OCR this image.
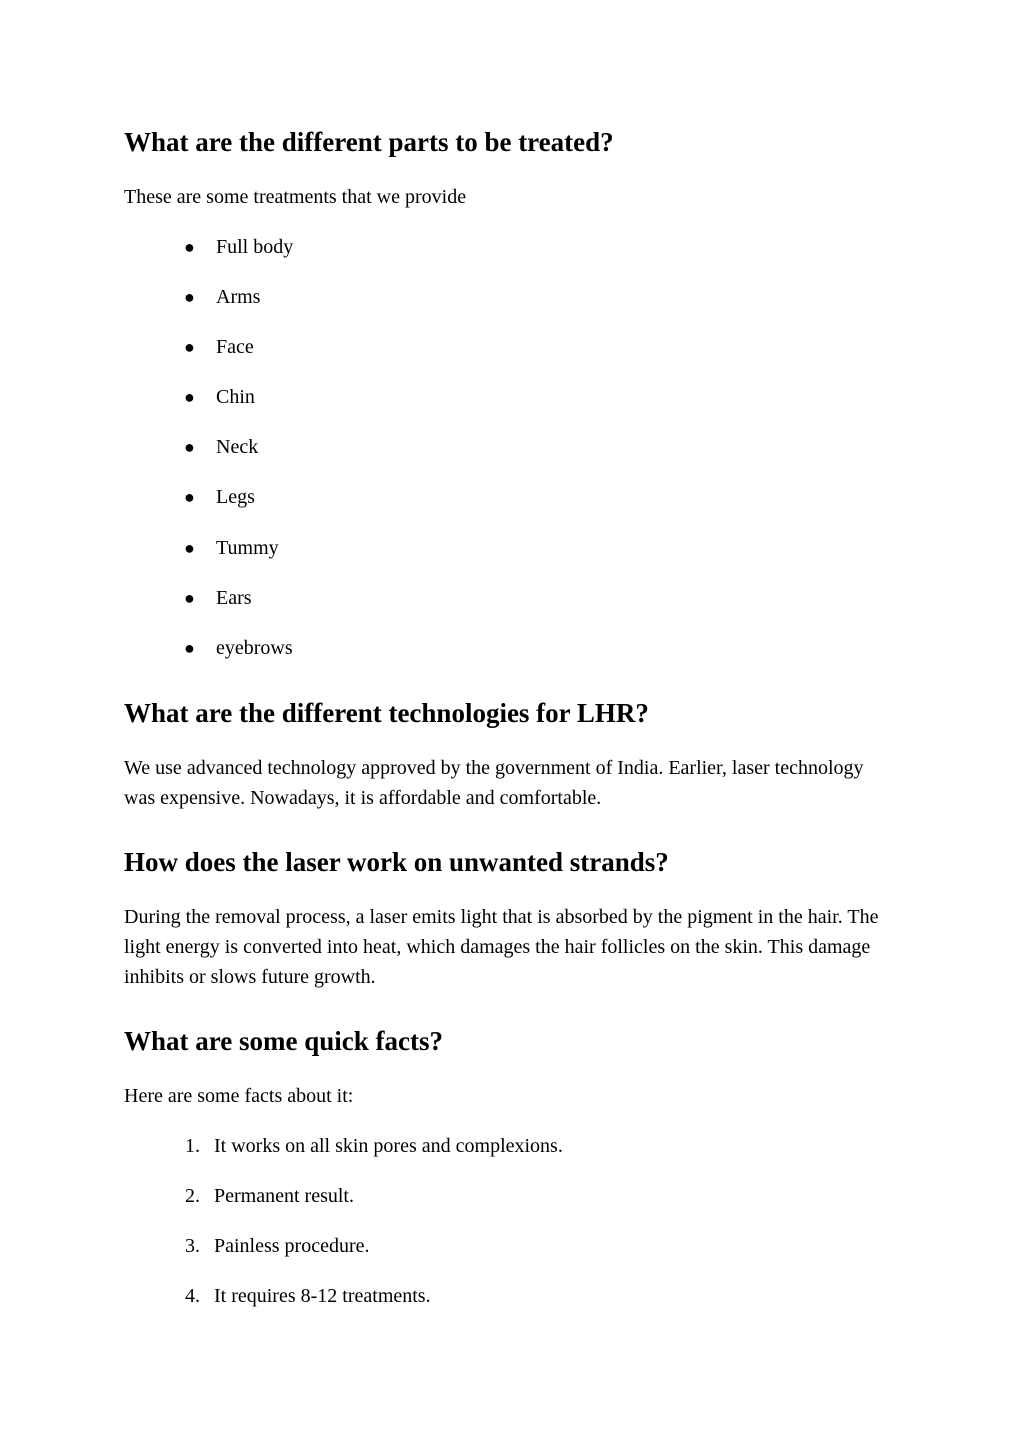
What are the different parts to be treated?

These are some treatments that we provide

● Full body
● Arms
● Face
● Chin
● Neck
● Legs
● Tummy
● Ears
● eyebrows
What are the different technologies for LHR?

We use advanced technology approved by the government of India. Earlier, laser technology was expensive. Nowadays, it is affordable and comfortable.

How does the laser work on unwanted strands?

During the removal process, a laser emits light that is absorbed by the pigment in the hair. The light energy is converted into heat, which damages the hair follicles on the skin. This damage inhibits or slows future growth.

What are some quick facts?

Here are some facts about it:

1. It works on all skin pores and complexions.
2. Permanent result.
3. Painless procedure.
4. It requires 8-12 treatments.
